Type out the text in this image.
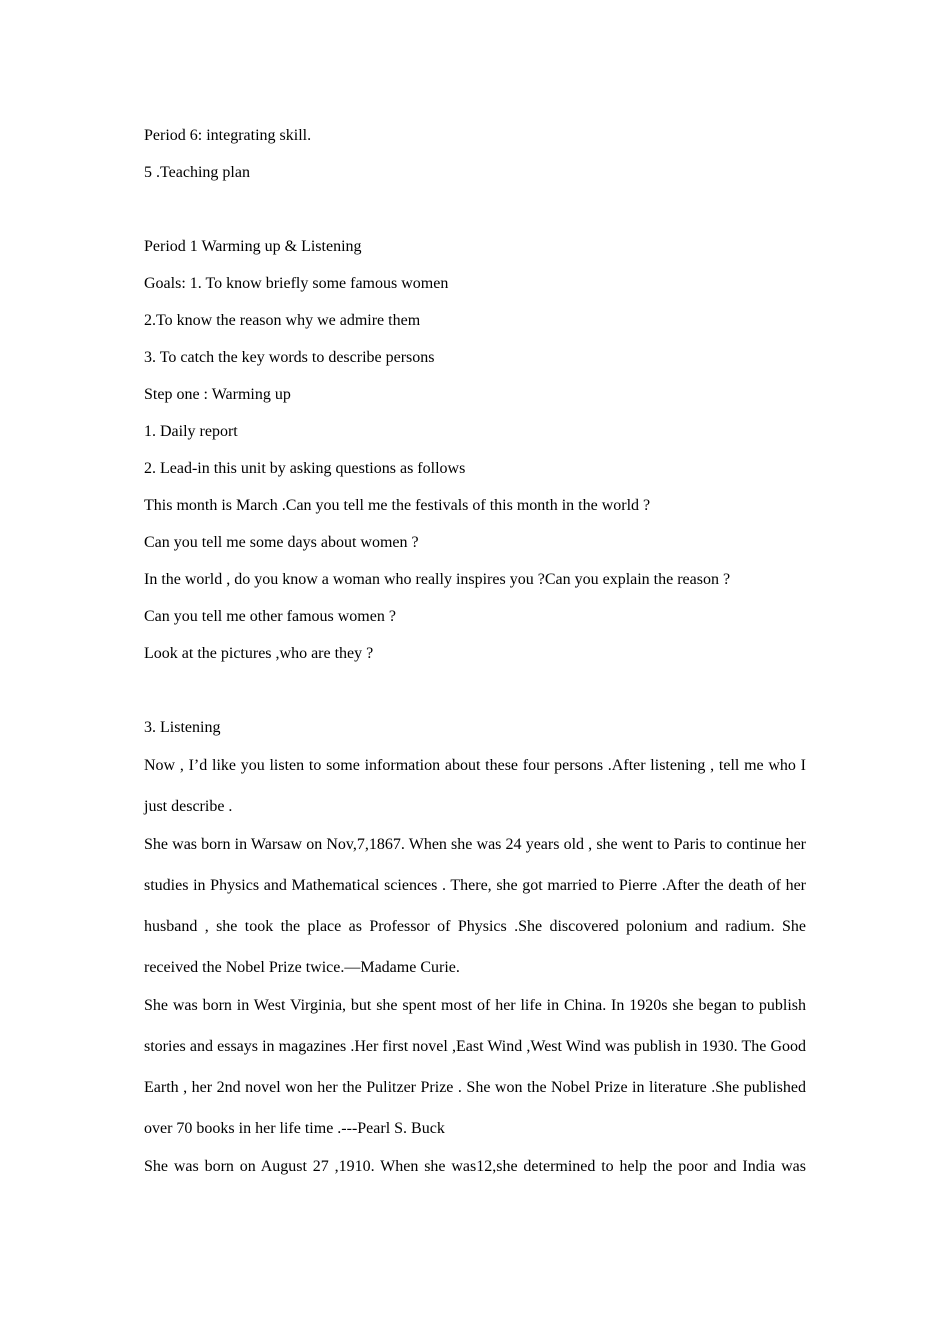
Period 6: integrating skill.
5 .Teaching plan
Period 1 Warming up & Listening
Goals: 1. To know briefly some famous women
2.To know the reason why we admire them
3. To catch the key words to describe persons
Step one : Warming up
1. Daily report
2. Lead-in this unit by asking questions as follows
This month is March .Can you tell me the festivals of this month in the world ?
Can you tell me some days about women ?
In the world , do you know a woman who really inspires you ?Can you explain the reason ?
Can you tell me other famous women ?
Look at the pictures ,who are they ?
3. Listening
Now , I’d like you listen to some information about these four persons .After listening , tell me who I just describe .
She was born in Warsaw on Nov,7,1867. When she was 24 years old , she went to Paris to continue her studies in Physics and Mathematical sciences . There, she got married to Pierre .After the death of her husband , she took the place as Professor of Physics .She discovered polonium and radium. She received the Nobel Prize twice.—Madame Curie.
She was born in West Virginia, but she spent most of her life in China. In 1920s she began to publish stories and essays in magazines .Her first novel ,East Wind ,West Wind was publish in 1930. The Good Earth , her 2nd novel won her the Pulitzer Prize . She won the Nobel Prize in literature .She published over 70 books in her life time .---Pearl S. Buck
She was born on August 27 ,1910. When she was12,she determined to help the poor and India was
